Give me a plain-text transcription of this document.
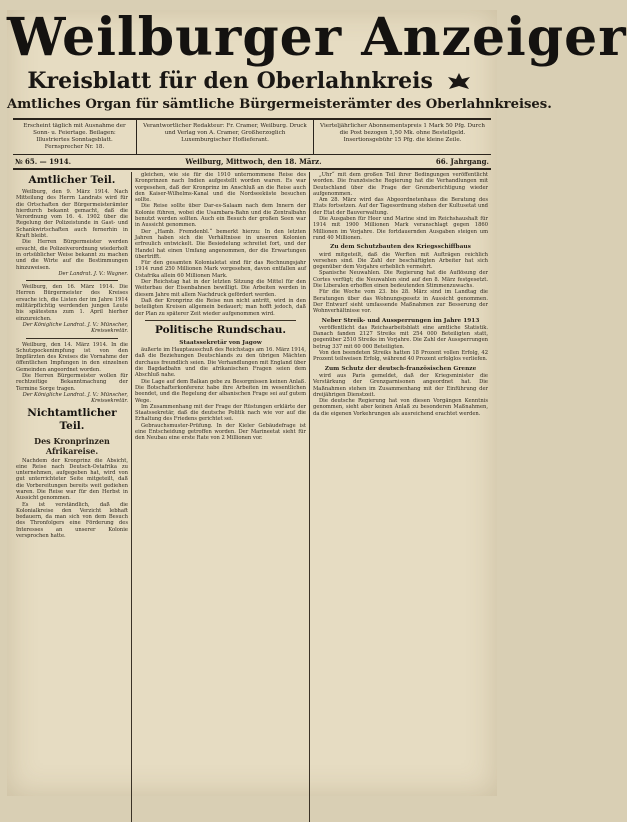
Weilburger Anzeiger
Kreisblatt für den Oberlahnkreis
Amtliches Organ für sämtliche Bürgermeisterämter des Oberlahnkreises.
Erscheint täglich mit Ausnahme der Sonn- u. Feiertage. Beilagen: Illustriertes Sonntagsblatt. Fernsprecher Nr. 18.
Verantwortlicher Redakteur: Fr. Cramer, Weilburg. Druck und Verlag von A. Cramer, Großherzoglich Luxemburgischer Hoflieferant.
Vierteljährlicher Abonnementspreis 1 Mark 50 Pfg. Durch die Post bezogen 1,50 Mk. ohne Bestellgeld. Insertionsgebühr 15 Pfg. die kleine Zeile.
№ 65. — 1914.	Weilburg, Mittwoch, den 18. März.	66. Jahrgang.
Amtlicher Teil.

Weilburg, den 9. März 1914. Nach Mitteilung des Herrn Landrats wird für die Ortschaften der Bürgermeisterämter hierdurch bekannt gemacht, daß die Verordnung vom 16. 4. 1902 über die Regelung der Polizeistunde in Gast- und Schankwirtschaften auch fernerhin in Kraft bleibt.

Die Herren Bürgermeister werden ersucht, die Polizeiverordnung wiederholt in ortsüblicher Weise bekannt zu machen und die Wirte auf die Bestimmungen hinzuweisen.

Der Landrat. J. V.: Wagner.

Weilburg, den 16. März 1914. Die Herren Bürgermeister des Kreises ersuche ich, die Listen der im Jahre 1914 militärpflichtig werdenden jungen Leute bis spätestens zum 1. April hierher einzureichen.

Der Königliche Landrat. J. V.: Münscher, Kreissekretär.

Weilburg, den 14. März 1914. In die Schutzpockenimpfung ist von den Impfärzten des Kreises die Vornahme der öffentlichen Impfungen in den einzelnen Gemeinden angeordnet worden.

Die Herren Bürgermeister wollen für rechtzeitige Bekanntmachung der Termine Sorge tragen.

Der Königliche Landrat. J. V.: Münscher, Kreissekretär.

Nichtamtlicher Teil.
Des Kronprinzen Afrikareise.

Nachdem der Kronprinz die Absicht, eine Reise nach Deutsch-Ostafrika zu unternehmen, aufgegeben hat, wird von gut unterrichteter Seite mitgeteilt, daß die Vorbereitungen bereits weit gediehen waren. Die Reise war für den Herbst in Aussicht genommen.

Es ist verständlich, daß die Kolonialkreise den Verzicht lebhaft bedauern, da man sich von dem Besuch des Thronfolgers eine Förderung des Interesses an unserer Kolonie versprochen hatte.

gleichen, wie sie für die 1910 unternommene Reise des Kronprinzen nach Indien aufgestellt worden waren. Es war vorgesehen, daß der Kronprinz im Anschluß an die Reise auch den Kaiser-Wilhelms-Kanal und die Nordseeküste besuchen sollte.

Die Reise sollte über Dar-es-Salaam nach dem Innern der Kolonie führen, wobei die Usambara-Bahn und die Zentralbahn benutzt werden sollten. Auch ein Besuch der großen Seen war in Aussicht genommen.

Der „Hamb. Fremdenbl.“ bemerkt hierzu: In den letzten Jahren haben sich die Verhältnisse in unseren Kolonien erfreulich entwickelt. Die Besiedelung schreitet fort, und der Handel hat einen Umfang angenommen, der die Erwartungen übertrifft.

Für den gesamten Kolonialetat sind für das Rechnungsjahr 1914 rund 250 Millionen Mark vorgesehen, davon entfallen auf Ostafrika allein 60 Millionen Mark.

Der Reichstag hat in der letzten Sitzung die Mittel für den Weiterbau der Eisenbahnen bewilligt. Die Arbeiten werden in diesem Jahre mit allem Nachdruck gefördert werden.

Daß der Kronprinz die Reise nun nicht antritt, wird in den beteiligten Kreisen allgemein bedauert; man hofft jedoch, daß der Plan zu späterer Zeit wieder aufgenommen wird.

Politische Rundschau.
Staatssekretär von Jagow

äußerte im Hauptausschuß des Reichstags am 16. März 1914, daß die Beziehungen Deutschlands zu den übrigen Mächten durchaus freundlich seien. Die Verhandlungen mit England über die Bagdadbahn und die afrikanischen Fragen seien dem Abschluß nahe.

Die Lage auf dem Balkan gebe zu Besorgnissen keinen Anlaß. Die Botschafterkonferenz habe ihre Arbeiten im wesentlichen beendet, und die Regelung der albanischen Frage sei auf gutem Wege.

Im Zusammenhang mit der Frage der Rüstungen erklärte der Staatssekretär, daß die deutsche Politik nach wie vor auf die Erhaltung des Friedens gerichtet sei.

Gebrauchsmuster-Prüfung. In der Kieler Gebäudefrage ist eine Entscheidung getroffen worden. Der Marineetat sieht für den Neubau eine erste Rate von 2 Millionen vor.

„Uhr“ mit dem großen Teil ihrer Bedingungen veröffentlicht worden. Die französische Regierung hat die Verhandlungen mit Deutschland über die Frage der Grenzberichtigung wieder aufgenommen.

Am 28. März wird das Abgeordnetenhaus die Beratung des Etats fortsetzen. Auf der Tagesordnung stehen der Kultusetat und der Etat der Bauverwaltung.

Die Ausgaben für Heer und Marine sind im Reichshaushalt für 1914 mit 1900 Millionen Mark veranschlagt gegen 1860 Millionen im Vorjahre. Die fortdauernden Ausgaben steigen um rund 40 Millionen.

Zu dem Schutzbauten des Kriegsschiffbaus

wird mitgeteilt, daß die Werften mit Aufträgen reichlich versehen sind. Die Zahl der beschäftigten Arbeiter hat sich gegenüber dem Vorjahre erheblich vermehrt.

Spanische Neuwahlen. Die Regierung hat die Auflösung der Cortes verfügt; die Neuwahlen sind auf den 8. März festgesetzt. Die Liberalen erhoffen einen bedeutenden Stimmenzuwachs.

Für die Woche vom 23. bis 28. März sind im Landtag die Beratungen über das Wohnungsgesetz in Aussicht genommen. Der Entwurf sieht umfassende Maßnahmen zur Besserung der Wohnverhältnisse vor.

Neber Streik- und Aussperrungen im Jahre 1913

veröffentlicht das Reichsarbeitsblatt eine amtliche Statistik. Danach fanden 2127 Streiks mit 254 000 Beteiligten statt, gegenüber 2510 Streiks im Vorjahre. Die Zahl der Aussperrungen betrug 337 mit 60 000 Beteiligten.

Von den beendeten Streiks hatten 18 Prozent vollen Erfolg, 42 Prozent teilweisen Erfolg, während 40 Prozent erfolglos verliefen.

Zum Schutz der deutsch-französischen Grenze

wird aus Paris gemeldet, daß der Kriegsminister die Verstärkung der Grenzgarnisonen angeordnet hat. Die Maßnahmen stehen im Zusammenhang mit der Einführung der dreijährigen Dienstzeit.

Die deutsche Regierung hat von diesen Vorgängen Kenntnis genommen, sieht aber keinen Anlaß zu besonderen Maßnahmen, da die eigenen Vorkehrungen als ausreichend erachtet werden.
